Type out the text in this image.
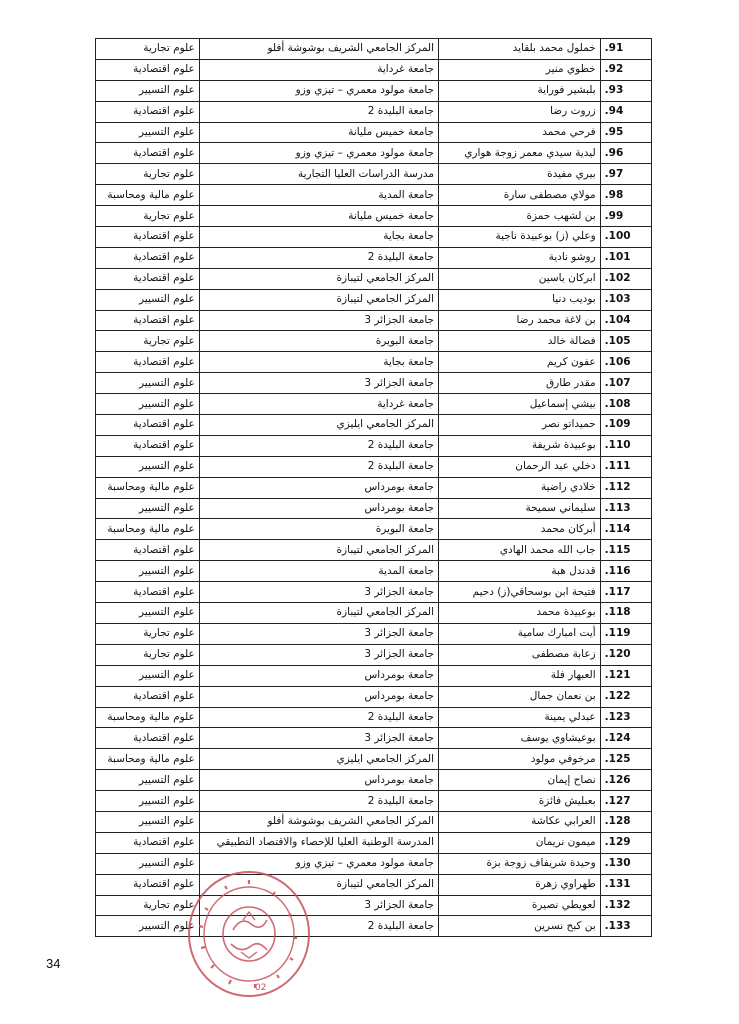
.91	خملول محمد بلقايد	المركز الجامعي الشريف بوشوشة أفلو	علوم تجارية
.92	خطوي منير	جامعة غرداية	علوم اقتصادية
.93	بلبشير فوراية	جامعة مولود معمري – تيزي وزو	علوم التسيير
.94	زروت رضا	جامعة البليدة 2	علوم اقتصادية
.95	فرحي محمد	جامعة خميس مليانة	علوم التسيير
.96	ليدية سيدي معمر زوجة هواري	جامعة مولود معمري – تيزي وزو	علوم اقتصادية
.97	بيري مفيدة	مدرسة الدراسات العليا التجارية	علوم تجارية
.98	مولاي مصطفى سارة	جامعة المدية	علوم مالية ومحاسبة
.99	بن لشهب حمزة	جامعة خميس مليانة	علوم تجارية
.100	وعلي (ز) بوعبيدة ناجية	جامعة بجاية	علوم اقتصادية
.101	روشو نادية	جامعة البليدة 2	علوم اقتصادية
.102	ابركان ياسين	المركز الجامعي لتيبازة	علوم اقتصادية
.103	بوديب دنيا	المركز الجامعي لتيبازة	علوم التسيير
.104	بن لاغة محمد رضا	جامعة الجزائر 3	علوم اقتصادية
.105	فضالة خالد	جامعة البويرة	علوم تجارية
.106	عفون كريم	جامعة بجاية	علوم اقتصادية
.107	مقدر طارق	جامعة الجزائر 3	علوم التسيير
.108	بيشي إسماعيل	جامعة غرداية	علوم التسيير
.109	حميداتو نصر	المركز الجامعي ايليزي	علوم اقتصادية
.110	بوعبيدة شريفة	جامعة البليدة 2	علوم اقتصادية
.111	دخلي عبد الرحمان	جامعة البليدة 2	علوم التسيير
.112	خلادي راضية	جامعة بومرداس	علوم مالية ومحاسبة
.113	سليماني سميحة	جامعة بومرداس	علوم التسيير
.114	أبركان محمد	جامعة البويرة	علوم مالية ومحاسبة
.115	جاب الله محمد الهادي	المركز الجامعي لتيبازة	علوم اقتصادية
.116	قدندل هبة	جامعة المدية	علوم التسيير
.117	فتيحة ابن بوسحاقي(ز) دحيم	جامعة الجزائر 3	علوم اقتصادية
.118	بوعبيدة محمد	المركز الجامعي لتيبازة	علوم التسيير
.119	أيت امبارك سامية	جامعة الجزائر 3	علوم تجارية
.120	زعابة مصطفى	جامعة الجزائر 3	علوم تجارية
.121	العبهار فلة	جامعة بومرداس	علوم التسيير
.122	بن نعمان جمال	جامعة بومرداس	علوم اقتصادية
.123	عبدلي يمينة	جامعة البليدة 2	علوم مالية ومحاسبة
.124	بوعيشاوي يوسف	جامعة الجزائر 3	علوم اقتصادية
.125	مرخوفي مولود	المركز الجامعي ايليزي	علوم مالية ومحاسبة
.126	نصاح إيمان	جامعة بومرداس	علوم التسيير
.127	بعبليش فائزة	جامعة البليدة 2	علوم التسيير
.128	العرابي عكاشة	المركز الجامعي الشريف بوشوشة أفلو	علوم التسيير
.129	ميمون نريمان	المدرسة الوطنية العليا للإحصاء والاقتصاد التطبيقي	علوم اقتصادية
.130	وحيدة شريفاف زوجة بزة	جامعة مولود معمري – تيزي وزو	علوم التسيير
.131	طهراوي زهرة	المركز الجامعي لتيبازة	علوم اقتصادية
.132	لعويطي نصيرة	جامعة الجزائر 3	علوم تجارية
.133	بن كبح نسرين	جامعة البليدة 2	علوم التسيير
02
34
